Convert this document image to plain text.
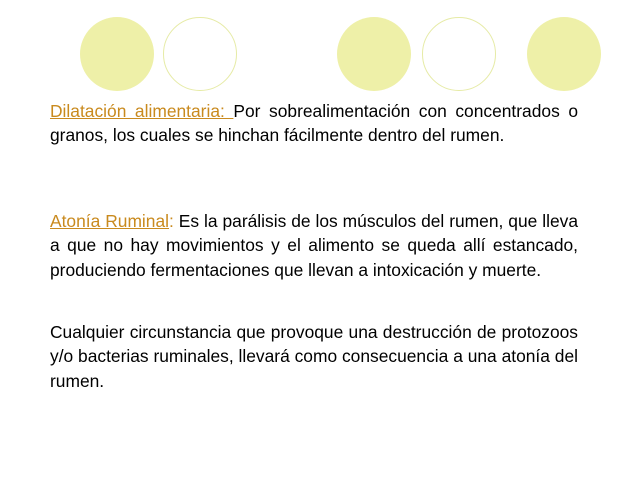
Dilatación alimentaria: Por sobrealimentación con concentrados o granos, los cuales se hinchan fácilmente dentro del rumen.

Atonía Ruminal: Es la parálisis de los músculos del rumen, que lleva a que no hay movimientos y el alimento se queda allí estancado, produciendo fermentaciones que llevan a intoxicación y muerte.

Cualquier circunstancia que provoque una destrucción de protozoos y/o bacterias ruminales, llevará como consecuencia a una atonía del rumen.
